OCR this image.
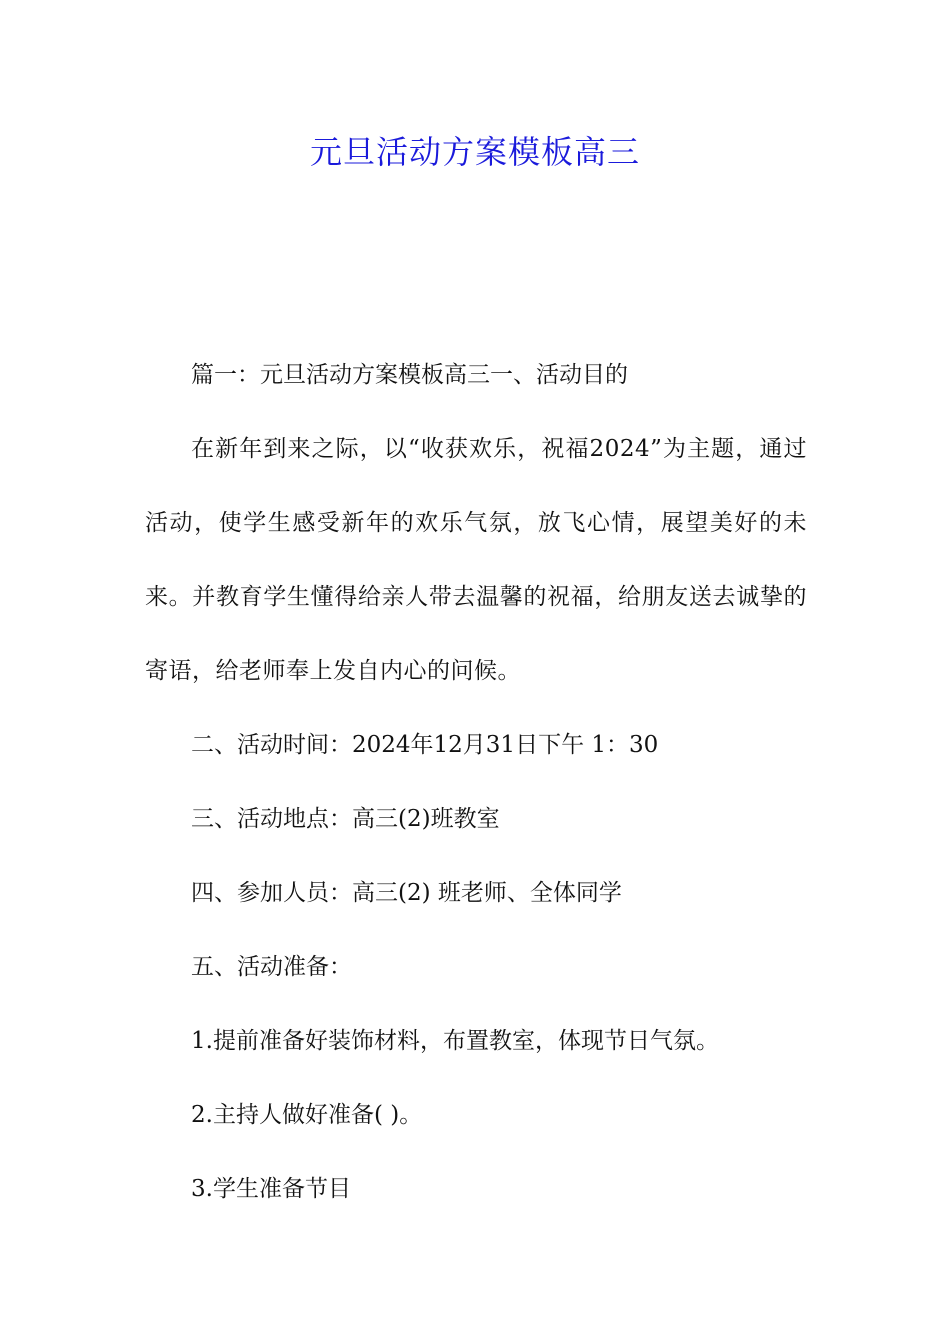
元旦活动方案模板高三

篇一：元旦活动方案模板高三一、活动目的

在新年到来之际，以“收获欢乐，祝福2024”为主题，通过活动，使学生感受新年的欢乐气氛，放飞心情，展望美好的未来。并教育学生懂得给亲人带去温馨的祝福，给朋友送去诚挚的寄语，给老师奉上发自内心的问候。

二、活动时间：2024年12月31日下午 1：30

三、活动地点：高三(2)班教室

四、参加人员：高三(2) 班老师、全体同学

五、活动准备：

1.提前准备好装饰材料，布置教室，体现节日气氛。

2.主持人做好准备( )。

3.学生准备节目
